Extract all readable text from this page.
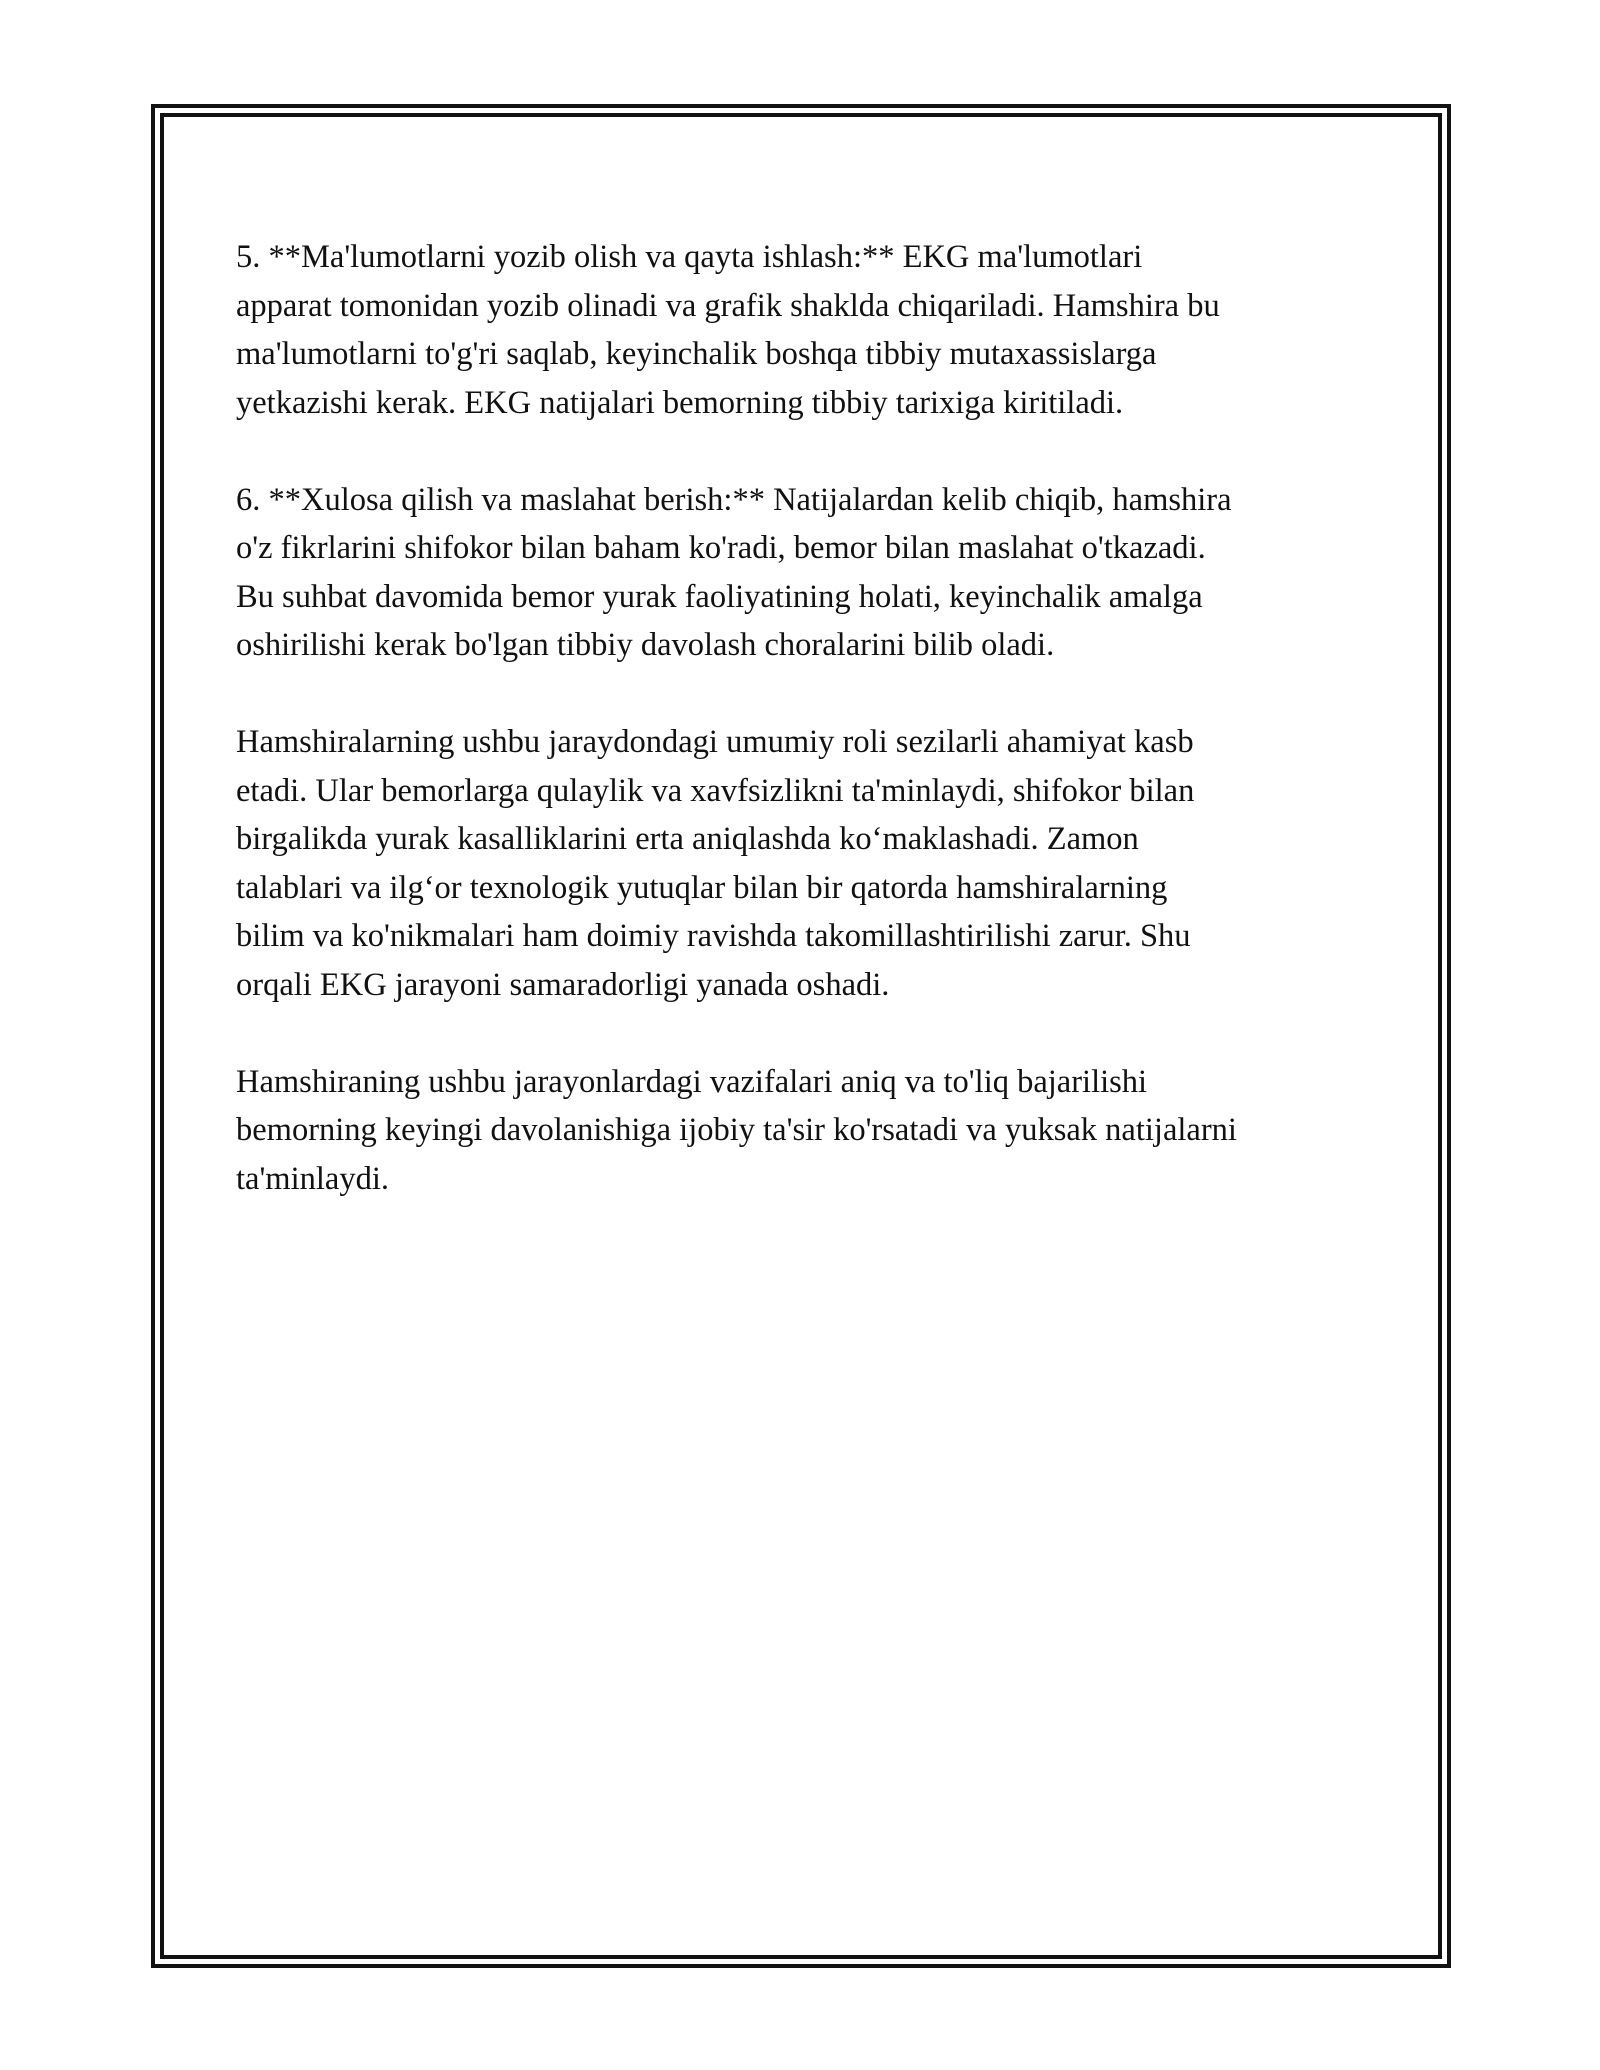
5. **Ma'lumotlarni yozib olish va qayta ishlash:** EKG ma'lumotlari
apparat tomonidan yozib olinadi va grafik shaklda chiqariladi. Hamshira bu
ma'lumotlarni to'g'ri saqlab, keyinchalik boshqa tibbiy mutaxassislarga
yetkazishi kerak. EKG natijalari bemorning tibbiy tarixiga kiritiladi.

6. **Xulosa qilish va maslahat berish:** Natijalardan kelib chiqib, hamshira
o'z fikrlarini shifokor bilan baham ko'radi, bemor bilan maslahat o'tkazadi.
Bu suhbat davomida bemor yurak faoliyatining holati, keyinchalik amalga
oshirilishi kerak bo'lgan tibbiy davolash choralarini bilib oladi.

Hamshiralarning ushbu jaraydondagi umumiy roli sezilarli ahamiyat kasb
etadi. Ular bemorlarga qulaylik va xavfsizlikni ta'minlaydi, shifokor bilan
birgalikda yurak kasalliklarini erta aniqlashda ko‘maklashadi. Zamon
talablari va ilg‘or texnologik yutuqlar bilan bir qatorda hamshiralarning
bilim va ko'nikmalari ham doimiy ravishda takomillashtirilishi zarur. Shu
orqali EKG jarayoni samaradorligi yanada oshadi.

Hamshiraning ushbu jarayonlardagi vazifalari aniq va to'liq bajarilishi
bemorning keyingi davolanishiga ijobiy ta'sir ko'rsatadi va yuksak natijalarni
ta'minlaydi.
